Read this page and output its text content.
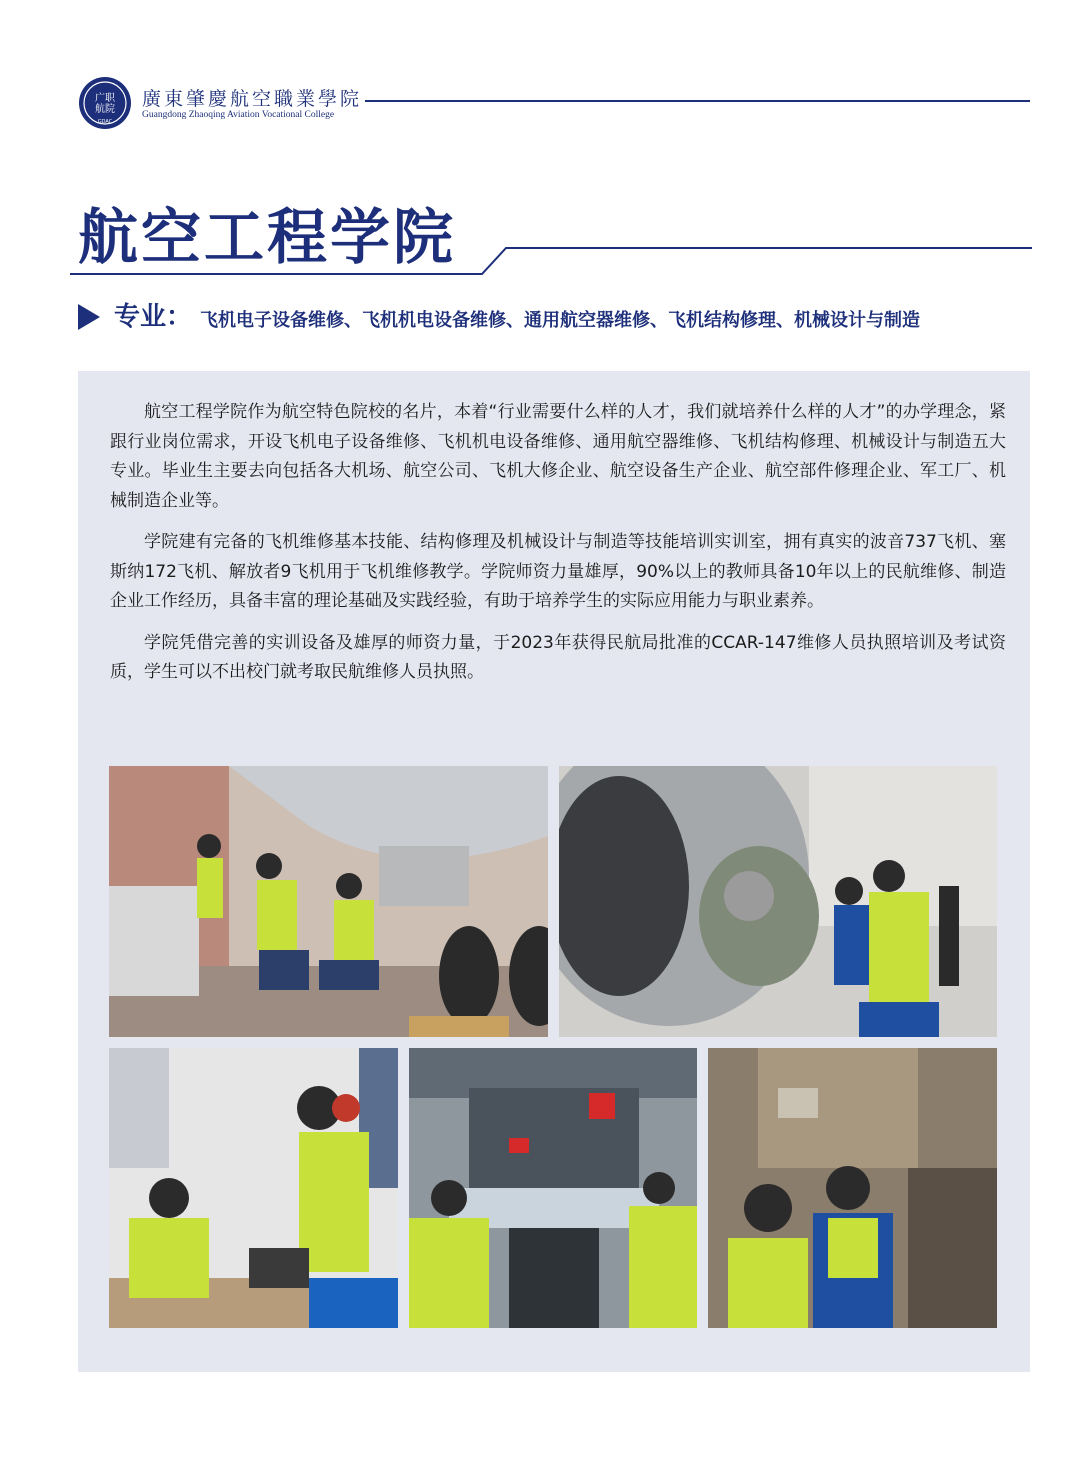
广职
航院
GDAC
廣東肇慶航空職業學院
Guangdong Zhaoqing Aviation Vocational College
航空工程学院
专业： 飞机电子设备维修、飞机机电设备维修、通用航空器维修、飞机结构修理、机械设计与制造

航空工程学院作为航空特色院校的名片，本着“行业需要什么样的人才，我们就培养什么样的人才”的办学理念，紧跟行业岗位需求，开设飞机电子设备维修、飞机机电设备维修、通用航空器维修、飞机结构修理、机械设计与制造五大专业。毕业生主要去向包括各大机场、航空公司、飞机大修企业、航空设备生产企业、航空部件修理企业、军工厂、机械制造企业等。

学院建有完备的飞机维修基本技能、结构修理及机械设计与制造等技能培训实训室，拥有真实的波音737飞机、塞斯纳172飞机、解放者9飞机用于飞机维修教学。学院师资力量雄厚，90%以上的教师具备10年以上的民航维修、制造企业工作经历，具备丰富的理论基础及实践经验，有助于培养学生的实际应用能力与职业素养。

学院凭借完善的实训设备及雄厚的师资力量，于2023年获得民航局批准的CCAR-147维修人员执照培训及考试资质，学生可以不出校门就考取民航维修人员执照。
